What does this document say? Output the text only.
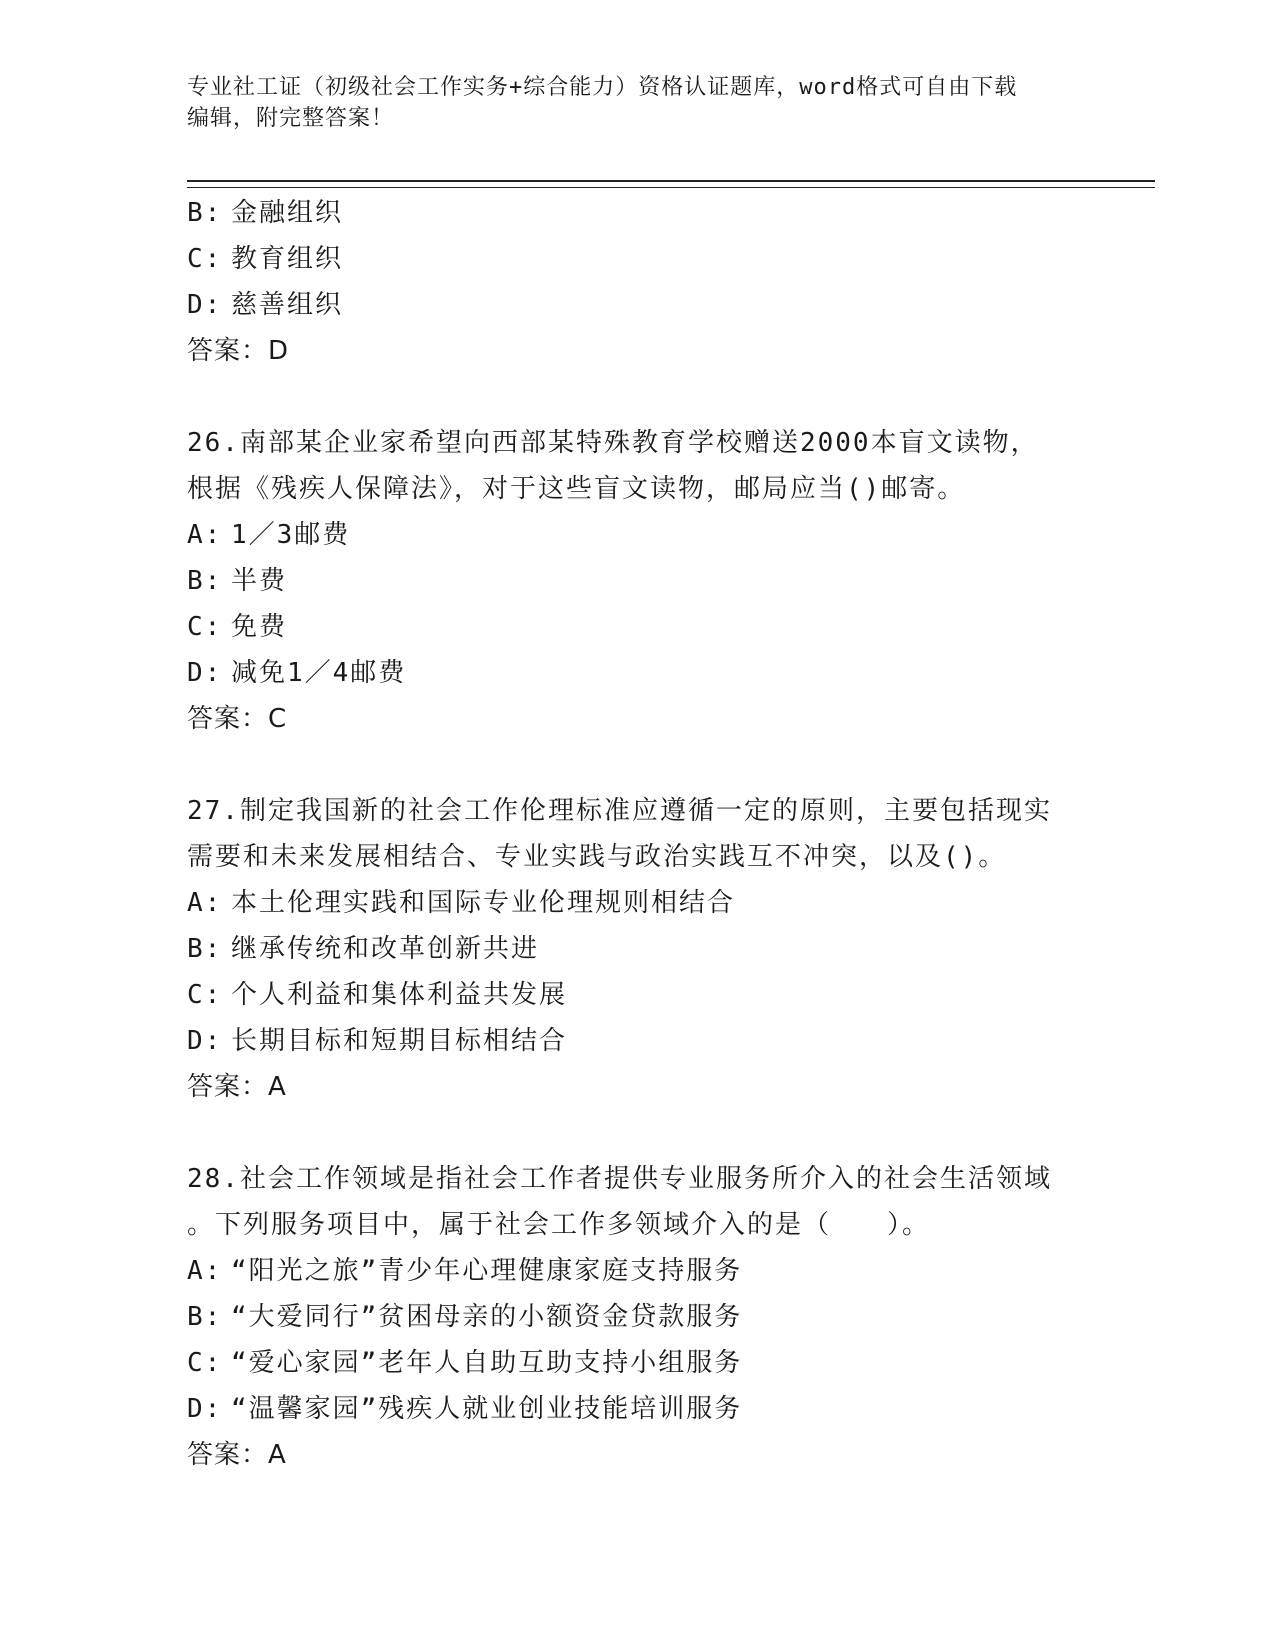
专业社工证（初级社会工作实务+综合能力）资格认证题库，word格式可自由下载
编辑，附完整答案！
B: 金融组织
C: 教育组织
D: 慈善组织
答案：D
26.南部某企业家希望向西部某特殊教育学校赠送2000本盲文读物，
根据《残疾人保障法》，对于这些盲文读物，邮局应当()邮寄。
A: 1／3邮费
B: 半费
C: 免费
D: 减免1／4邮费
答案：C
27.制定我国新的社会工作伦理标准应遵循一定的原则，主要包括现实
需要和未来发展相结合、专业实践与政治实践互不冲突，以及()。
A: 本土伦理实践和国际专业伦理规则相结合
B: 继承传统和改革创新共进
C: 个人利益和集体利益共发展
D: 长期目标和短期目标相结合
答案：A
28.社会工作领域是指社会工作者提供专业服务所介入的社会生活领域
。下列服务项目中，属于社会工作多领域介入的是（　　）。
A: “阳光之旅”青少年心理健康家庭支持服务
B: “大爱同行”贫困母亲的小额资金贷款服务
C: “爱心家园”老年人自助互助支持小组服务
D: “温馨家园”残疾人就业创业技能培训服务
答案：A
